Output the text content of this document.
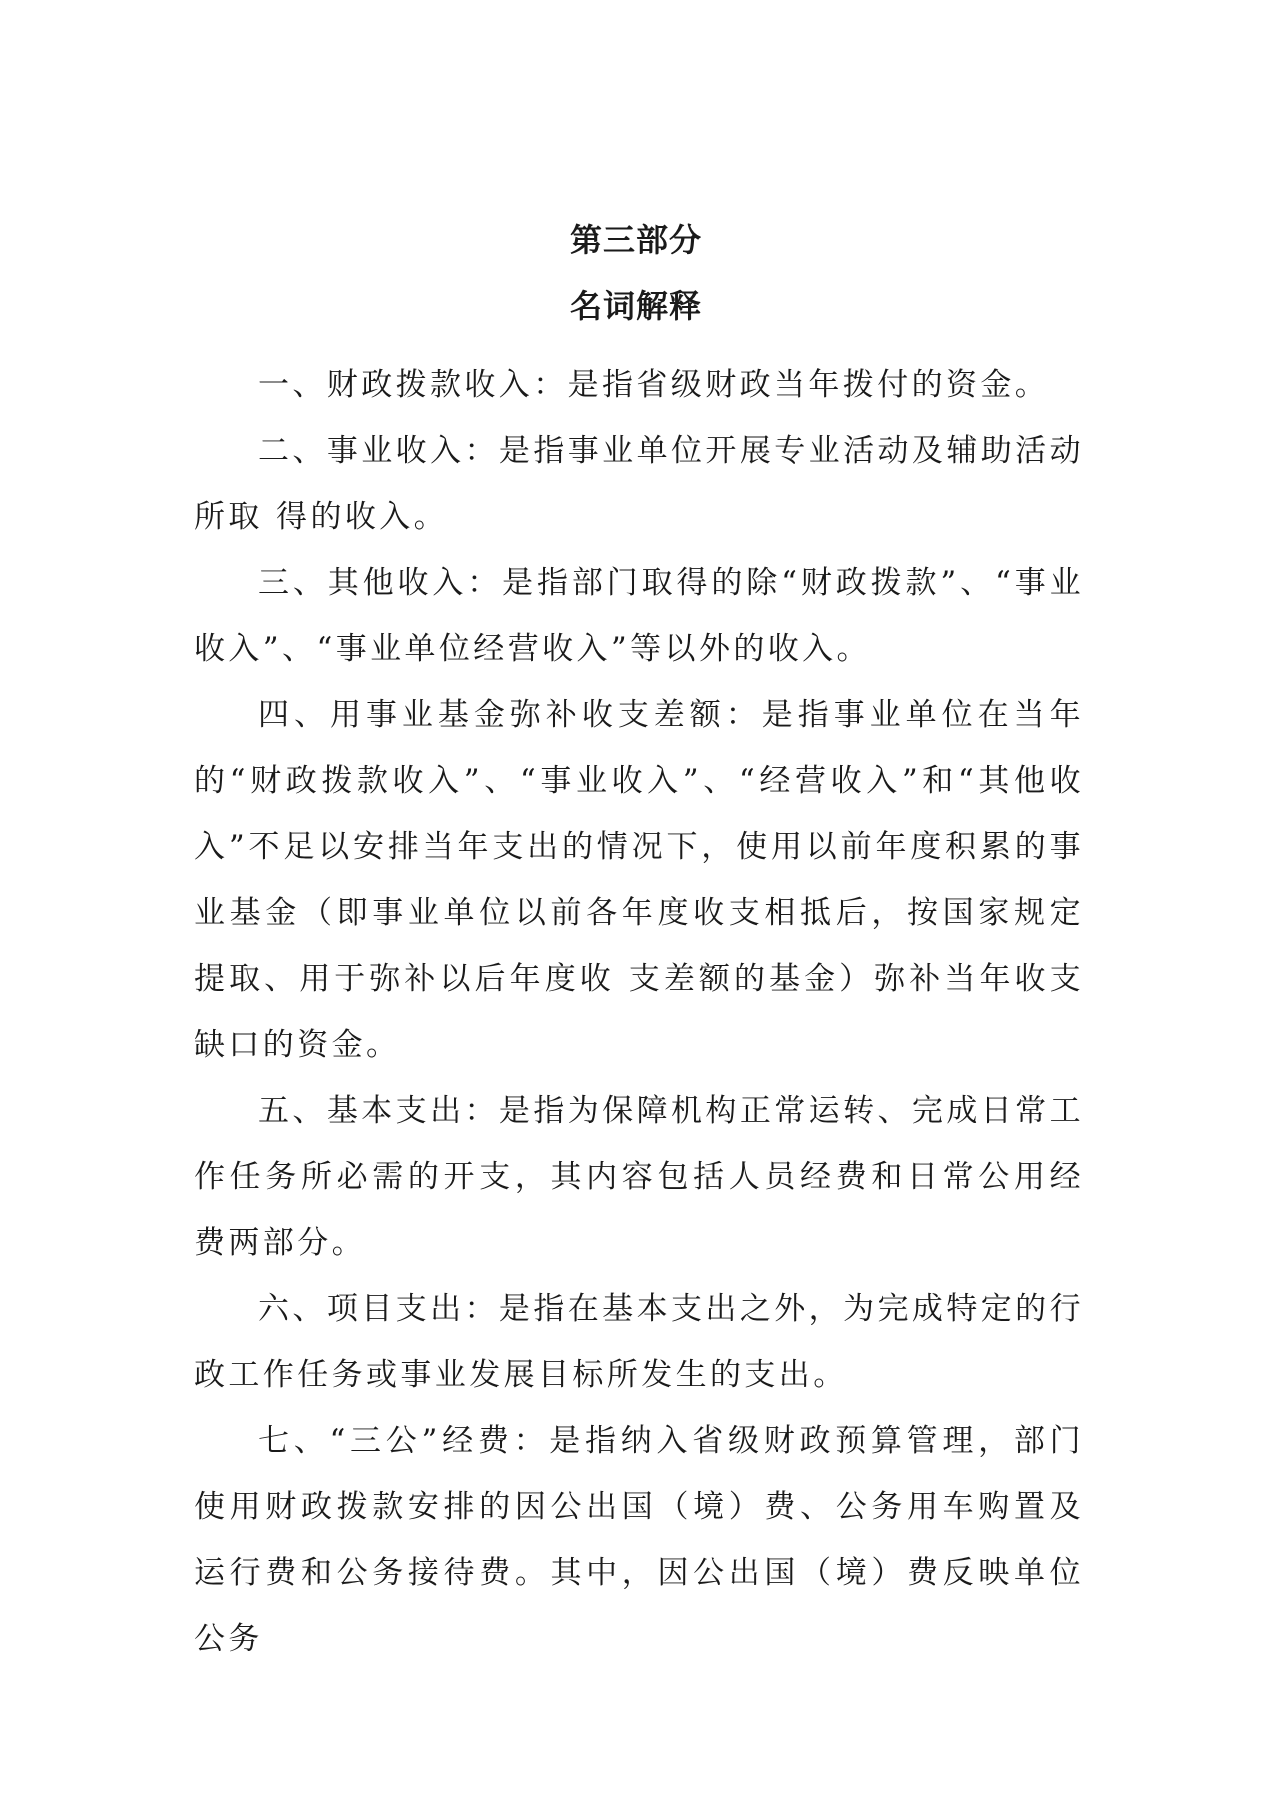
第三部分
名词解释

一、财政拨款收入：是指省级财政当年拨付的资金。

二、事业收入：是指事业单位开展专业活动及辅助活动所取 得的收入。

三、其他收入：是指部门取得的除“财政拨款”、“事业收入”、“事业单位经营收入”等以外的收入。

四、用事业基金弥补收支差额：是指事业单位在当年的“财政拨款收入”、“事业收入”、“经营收入”和“其他收入”不足以安排当年支出的情况下，使用以前年度积累的事业基金（即事业单位以前各年度收支相抵后，按国家规定提取、用于弥补以后年度收 支差额的基金）弥补当年收支缺口的资金。

五、基本支出：是指为保障机构正常运转、完成日常工作任务所必需的开支，其内容包括人员经费和日常公用经费两部分。

六、项目支出：是指在基本支出之外，为完成特定的行政工作任务或事业发展目标所发生的支出。

七、“三公”经费：是指纳入省级财政预算管理，部门使用财政拨款安排的因公出国（境）费、公务用车购置及运行费和公务接待费。其中，因公出国（境）费反映单位公务
